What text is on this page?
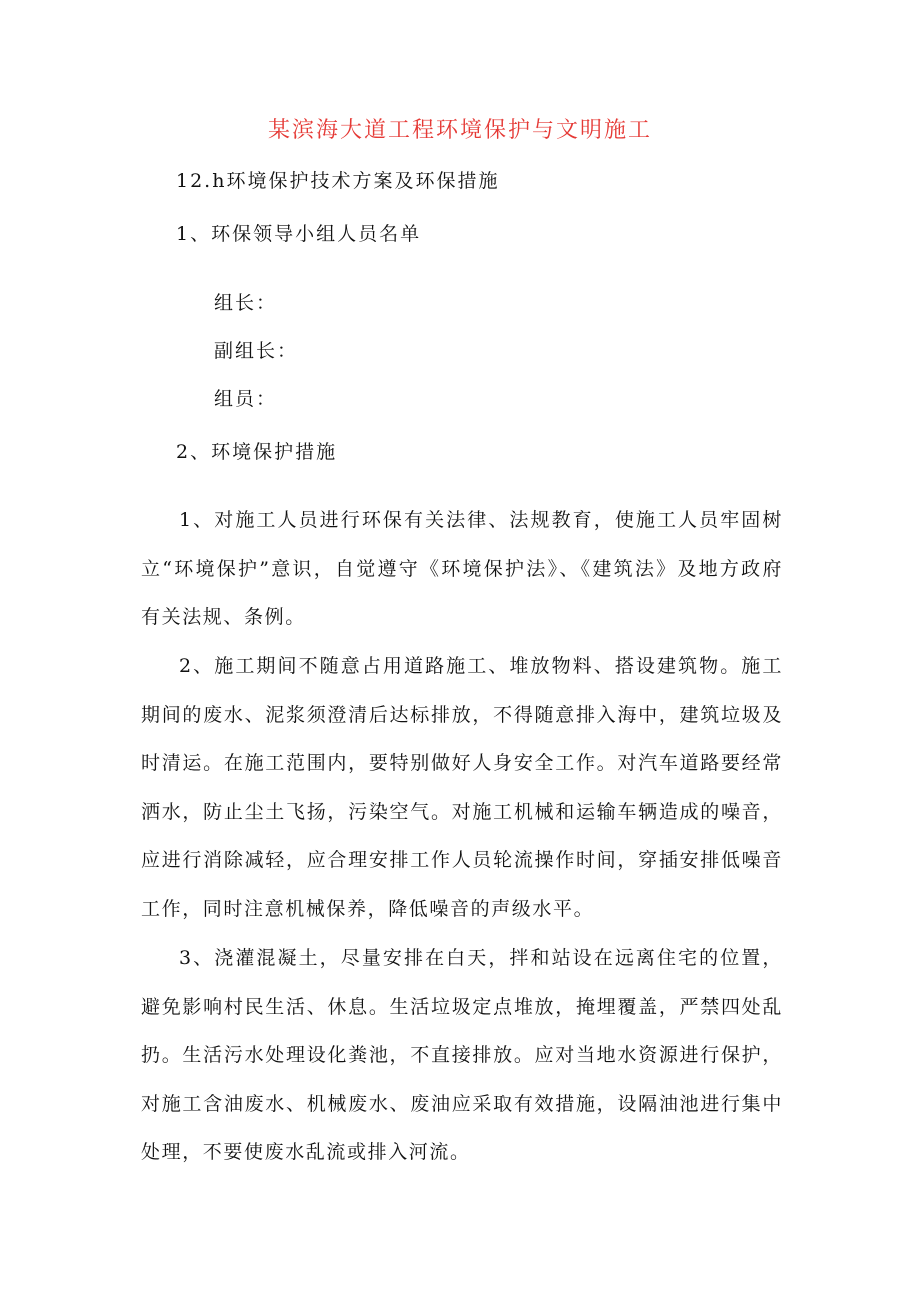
某滨海大道工程环境保护与文明施工
12.h环境保护技术方案及环保措施
1、环保领导小组人员名单
组长：
副组长：
组员：
2、环境保护措施

1、对施工人员进行环保有关法律、法规教育，使施工人员牢固树立“环境保护”意识，自觉遵守《环境保护法》、《建筑法》及地方政府有关法规、条例。

2、施工期间不随意占用道路施工、堆放物料、搭设建筑物。施工期间的废水、泥浆须澄清后达标排放，不得随意排入海中，建筑垃圾及时清运。在施工范围内，要特别做好人身安全工作。对汽车道路要经常洒水，防止尘土飞扬，污染空气。对施工机械和运输车辆造成的噪音，应进行消除减轻，应合理安排工作人员轮流操作时间，穿插安排低噪音工作，同时注意机械保养，降低噪音的声级水平。

3、浇灌混凝土，尽量安排在白天，拌和站设在远离住宅的位置，避免影响村民生活、休息。生活垃圾定点堆放，掩埋覆盖，严禁四处乱扔。生活污水处理设化粪池，不直接排放。应对当地水资源进行保护，对施工含油废水、机械废水、废油应采取有效措施，设隔油池进行集中处理，不要使废水乱流或排入河流。
